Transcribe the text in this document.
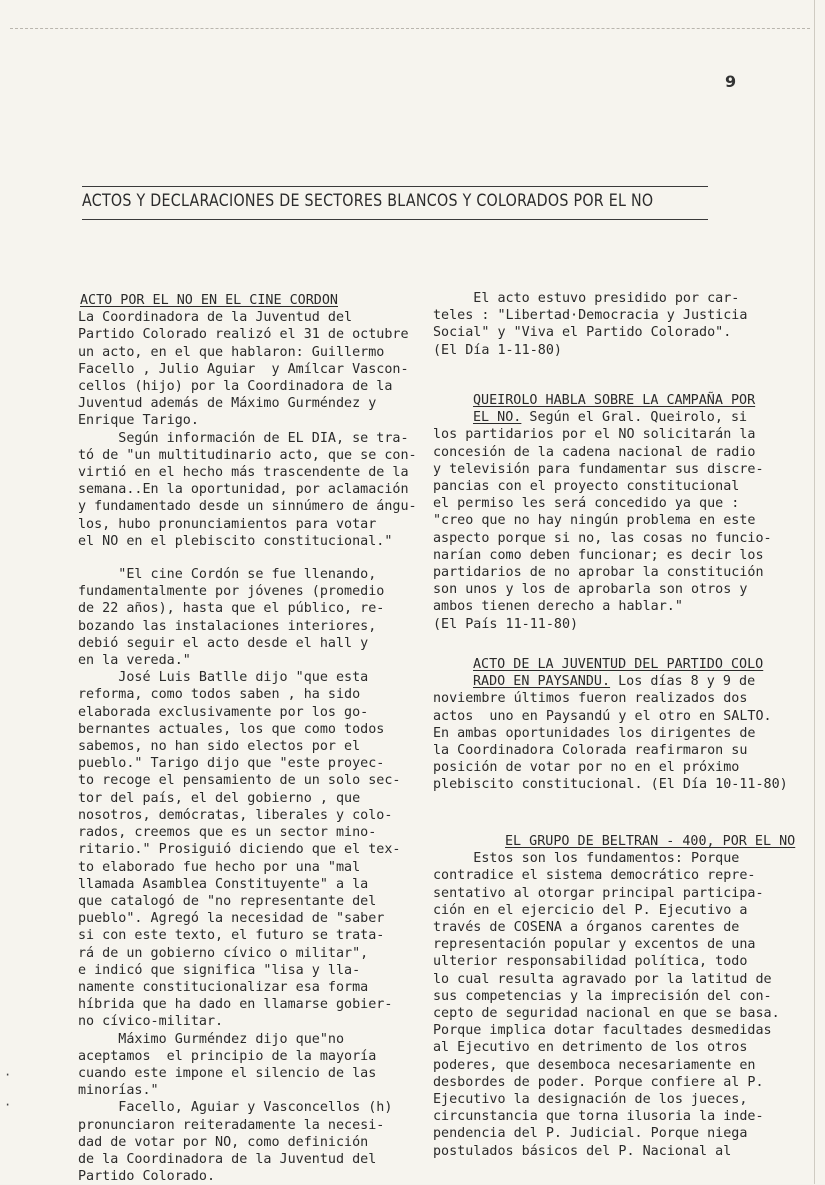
9
ACTOS Y DECLARACIONES DE SECTORES BLANCOS Y COLORADOS POR EL NO
ACTO POR EL NO EN EL CINE CORDON
La Coordinadora de la Juventud del
Partido Colorado realizó el 31 de octubre
un acto, en el que hablaron: Guillermo
Facello , Julio Aguiar  y Amílcar Vascon-
cellos (hijo) por la Coordinadora de la
Juventud además de Máximo Gurméndez y
Enrique Tarigo.
Según información de EL DIA, se tra-
tó de "un multitudinario acto, que se con-
virtió en el hecho más trascendente de la
semana..En la oportunidad, por aclamación
y fundamentado desde un sinnúmero de ángu-
los, hubo pronunciamientos para votar
el NO en el plebiscito constitucional."
"El cine Cordón se fue llenando,
fundamentalmente por jóvenes (promedio
de 22 años), hasta que el público, re-
bozando las instalaciones interiores,
debió seguir el acto desde el hall y
en la vereda."
José Luis Batlle dijo "que esta
reforma, como todos saben , ha sido
elaborada exclusivamente por los go-
bernantes actuales, los que como todos
sabemos, no han sido electos por el
pueblo." Tarigo dijo que "este proyec-
to recoge el pensamiento de un solo sec-
tor del país, el del gobierno , que
nosotros, demócratas, liberales y colo-
rados, creemos que es un sector mino-
ritario." Prosiguió diciendo que el tex-
to elaborado fue hecho por una "mal
llamada Asamblea Constituyente" a la
que catalogó de "no representante del
pueblo". Agregó la necesidad de "saber
si con este texto, el futuro se trata-
rá de un gobierno cívico o militar",
e indicó que significa "lisa y lla-
namente constitucionalizar esa forma
híbrida que ha dado en llamarse gobier-
no cívico-militar.
Máximo Gurméndez dijo que"no
aceptamos  el principio de la mayoría
cuando este impone el silencio de las
minorías."
Facello, Aguiar y Vasconcellos (h)
pronunciaron reiteradamente la necesi-
dad de votar por NO, como definición
de la Coordinadora de la Juventud del
Partido Colorado.
El acto estuvo presidido por car-
teles : "Libertad·Democracia y Justicia
Social" y "Viva el Partido Colorado".
(El Día 1-11-80)
QUEIROLO HABLA SOBRE LA CAMPAÑA POR
EL NO. Según el Gral. Queirolo, si
los partidarios por el NO solicitarán la
concesión de la cadena nacional de radio
y televisión para fundamentar sus discre-
pancias con el proyecto constitucional
el permiso les será concedido ya que :
"creo que no hay ningún problema en este
aspecto porque si no, las cosas no funcio-
narían como deben funcionar; es decir los
partidarios de no aprobar la constitución
son unos y los de aprobarla son otros y
ambos tienen derecho a hablar."
(El País 11-11-80)
ACTO DE LA JUVENTUD DEL PARTIDO COLO
RADO EN PAYSANDU. Los días 8 y 9 de
noviembre últimos fueron realizados dos
actos  uno en Paysandú y el otro en SALTO.
En ambas oportunidades los dirigentes de
la Coordinadora Colorada reafirmaron su
posición de votar por no en el próximo
plebiscito constitucional. (El Día 10-11-80)
EL GRUPO DE BELTRAN - 400, POR EL NO
Estos son los fundamentos: Porque
contradice el sistema democrático repre-
sentativo al otorgar principal participa-
ción en el ejercicio del P. Ejecutivo a
través de COSENA a órganos carentes de
representación popular y excentos de una
ulterior responsabilidad política, todo
lo cual resulta agravado por la latitud de
sus competencias y la imprecisión del con-
cepto de seguridad nacional en que se basa.
Porque implica dotar facultades desmedidas
al Ejecutivo en detrimento de los otros
poderes, que desemboca necesariamente en
desbordes de poder. Porque confiere al P.
Ejecutivo la designación de los jueces,
circunstancia que torna ilusoria la inde-
pendencia del P. Judicial. Porque niega
postulados básicos del P. Nacional al
·
·
